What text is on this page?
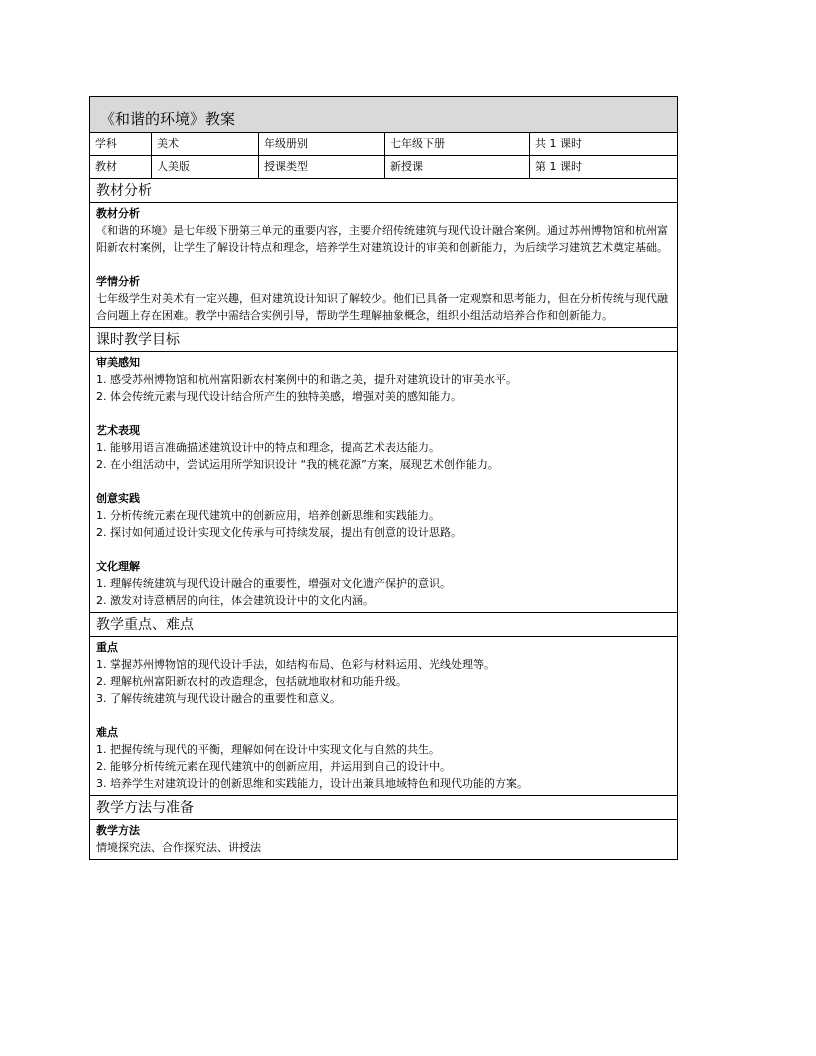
《和谐的环境》教案
学科	美术	年级册别	七年级下册	共 1 课时
教材	人美版	授课类型	新授课	第 1 课时
教材分析

教材分析

《和谐的环境》是七年级下册第三单元的重要内容，主要介绍传统建筑与现代设计融合案例。通过苏州博物馆和杭州富阳新农村案例，让学生了解设计特点和理念，培养学生对建筑设计的审美和创新能力，为后续学习建筑艺术奠定基础。

学情分析

七年级学生对美术有一定兴趣，但对建筑设计知识了解较少。他们已具备一定观察和思考能力，但在分析传统与现代融合问题上存在困难。教学中需结合实例引导，帮助学生理解抽象概念，组织小组活动培养合作和创新能力。

课时教学目标

审美感知

1. 感受苏州博物馆和杭州富阳新农村案例中的和谐之美，提升对建筑设计的审美水平。

2. 体会传统元素与现代设计结合所产生的独特美感，增强对美的感知能力。

艺术表现

1. 能够用语言准确描述建筑设计中的特点和理念，提高艺术表达能力。

2. 在小组活动中，尝试运用所学知识设计 “我的桃花源”方案，展现艺术创作能力。

创意实践

1. 分析传统元素在现代建筑中的创新应用，培养创新思维和实践能力。

2. 探讨如何通过设计实现文化传承与可持续发展，提出有创意的设计思路。

文化理解

1. 理解传统建筑与现代设计融合的重要性，增强对文化遗产保护的意识。

2. 激发对诗意栖居的向往，体会建筑设计中的文化内涵。

教学重点、难点

重点

1. 掌握苏州博物馆的现代设计手法，如结构布局、色彩与材料运用、光线处理等。

2. 理解杭州富阳新农村的改造理念，包括就地取材和功能升级。

3. 了解传统建筑与现代设计融合的重要性和意义。

难点

1. 把握传统与现代的平衡，理解如何在设计中实现文化与自然的共生。

2. 能够分析传统元素在现代建筑中的创新应用，并运用到自己的设计中。

3. 培养学生对建筑设计的创新思维和实践能力，设计出兼具地域特色和现代功能的方案。

教学方法与准备

教学方法

情境探究法、合作探究法、讲授法
